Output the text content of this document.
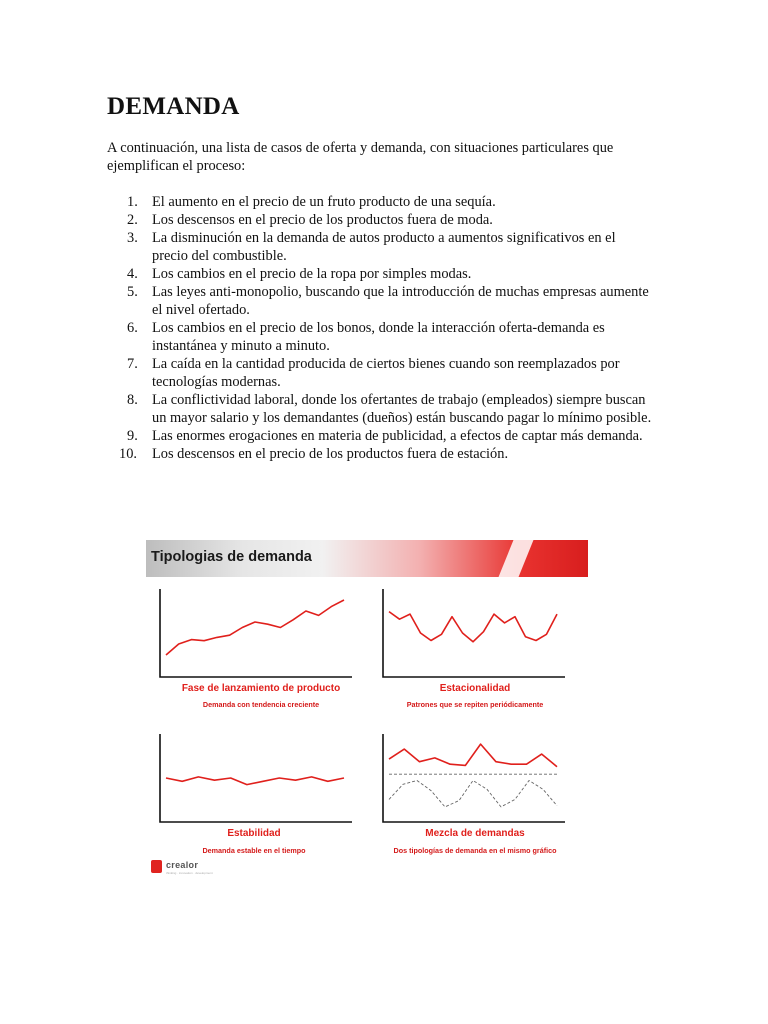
DEMANDA

A continuación, una lista de casos de oferta y demanda, con situaciones particulares que ejemplifican el proceso:

1. El aumento en el precio de un fruto producto de una sequía.
2. Los descensos en el precio de los productos fuera de moda.
3. La disminución en la demanda de autos producto a aumentos significativos en el precio del combustible.
4. Los cambios en el precio de la ropa por simples modas.
5. Las leyes anti-monopolio, buscando que la introducción de muchas empresas aumente el nivel ofertado.
6. Los cambios en el precio de los bonos, donde la interacción oferta-demanda es instantánea y minuto a minuto.
7. La caída en la cantidad producida de ciertos bienes cuando son reemplazados por tecnologías modernas.
8. La conflictividad laboral, donde los ofertantes de trabajo (empleados) siempre buscan un mayor salario y los demandantes (dueños) están buscando pagar lo mínimo posible.
9. Las enormes erogaciones en materia de publicidad, a efectos de captar más demanda.
10. Los descensos en el precio de los productos fuera de estación.
Tipologias de demanda
Fase de lanzamiento de producto
Demanda con tendencia creciente
Estacionalidad
Patrones que se repiten periódicamente
Estabilidad
Demanda estable en el tiempo
Mezcla de demandas
Dos tipologías de demanda en el mismo gráfico
crealor
thinking · innovation · development
